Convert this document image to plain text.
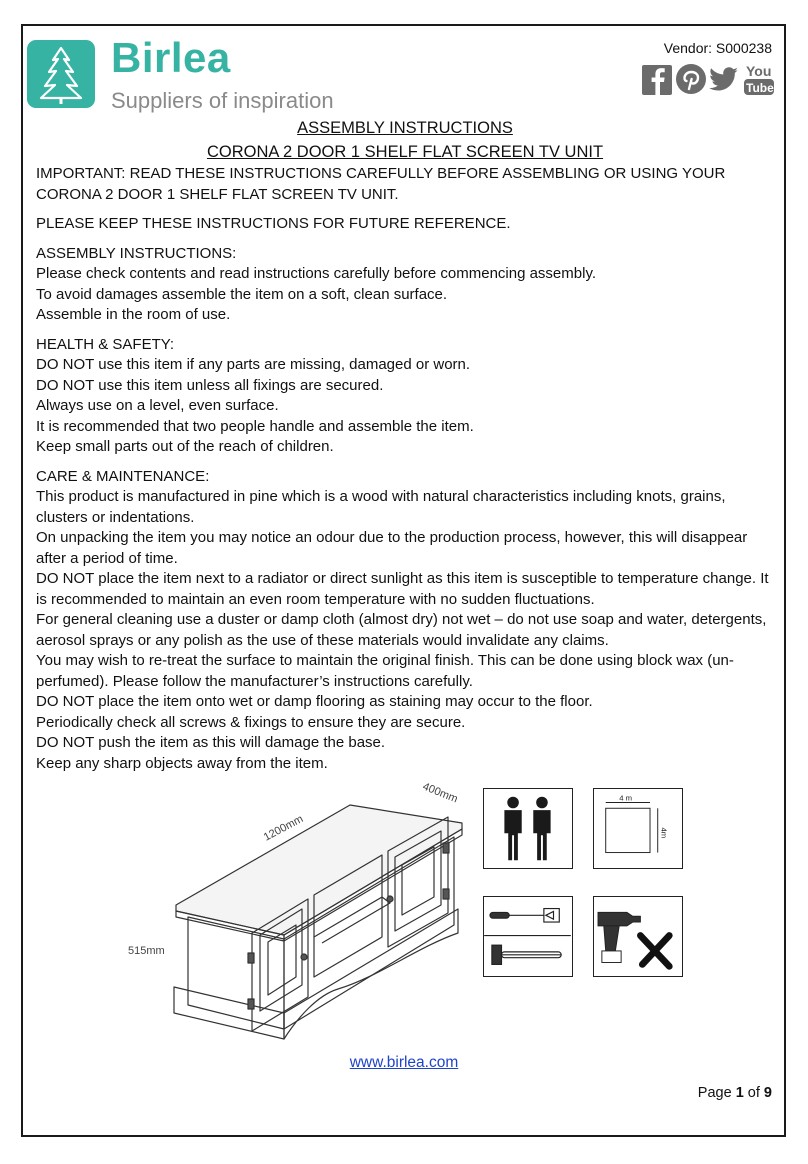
Birlea
Suppliers of inspiration
Vendor: S000238
You
Tube
ASSEMBLY INSTRUCTIONS
CORONA 2 DOOR 1 SHELF FLAT SCREEN TV UNIT

IMPORTANT: READ THESE INSTRUCTIONS CAREFULLY BEFORE ASSEMBLING OR USING YOUR CORONA 2 DOOR 1 SHELF FLAT SCREEN TV UNIT.

PLEASE KEEP THESE INSTRUCTIONS FOR FUTURE REFERENCE.

ASSEMBLY INSTRUCTIONS:

Please check contents and read instructions carefully before commencing assembly.

To avoid damages assemble the item on a soft, clean surface.

Assemble in the room of use.

HEALTH & SAFETY:

DO NOT use this item if any parts are missing, damaged or worn.

DO NOT use this item unless all fixings are secured.

Always use on a level, even surface.

It is recommended that two people handle and assemble the item.

Keep small parts out of the reach of children.

CARE & MAINTENANCE:

This product is manufactured in pine which is a wood with natural characteristics including knots, grains, clusters or indentations.

On unpacking the item you may notice an odour due to the production process, however, this will disappear after a period of time.

DO NOT place the item next to a radiator or direct sunlight as this item is susceptible to temperature change. It is recommended to maintain an even room temperature with no sudden fluctuations.

For general cleaning use a duster or damp cloth (almost dry) not wet – do not use soap and water, detergents, aerosol sprays or any polish as the use of these materials would invalidate any claims.

You may wish to re-treat the surface to maintain the original finish. This can be done using block wax (un-perfumed). Please follow the manufacturer’s instructions carefully.

DO NOT place the item onto wet or damp flooring as staining may occur to the floor.

Periodically check all screws & fixings to ensure they are secure.

DO NOT push the item as this will damage the base.

Keep any sharp objects away from the item.

1200mm
400mm
515mm
4 m
4m
www.birlea.com
Page 1 of 9
